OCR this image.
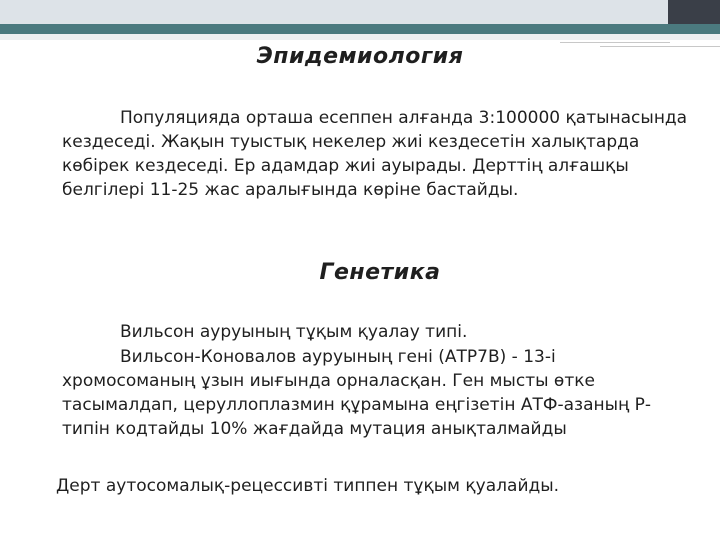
Эпидемиология

Популяцияда орташа есеппен алғанда 3:100000 қатынасында кездеседі. Жақын туыстық некелер жиі кездесетін халықтарда көбірек кездеседі. Ер адамдар жиі ауырады. Дерттің алғашқы белгілері 11-25 жас аралығында көріне бастайды.

Генетика

Вильсон ауруының тұқым қуалау типі.

Вильсон-Коновалов ауруының гені (АТР7В) - 13-і хромосоманың ұзын иығында орналасқан. Ген мысты өтке тасымалдап, церуллоплазмин құрамына еңгізетін АТФ-азаның Р-типін кодтайды 10% жағдайда мутация анықталмайды

Дерт аутосомалық-рецессивті типпен тұқым қуалайды.
